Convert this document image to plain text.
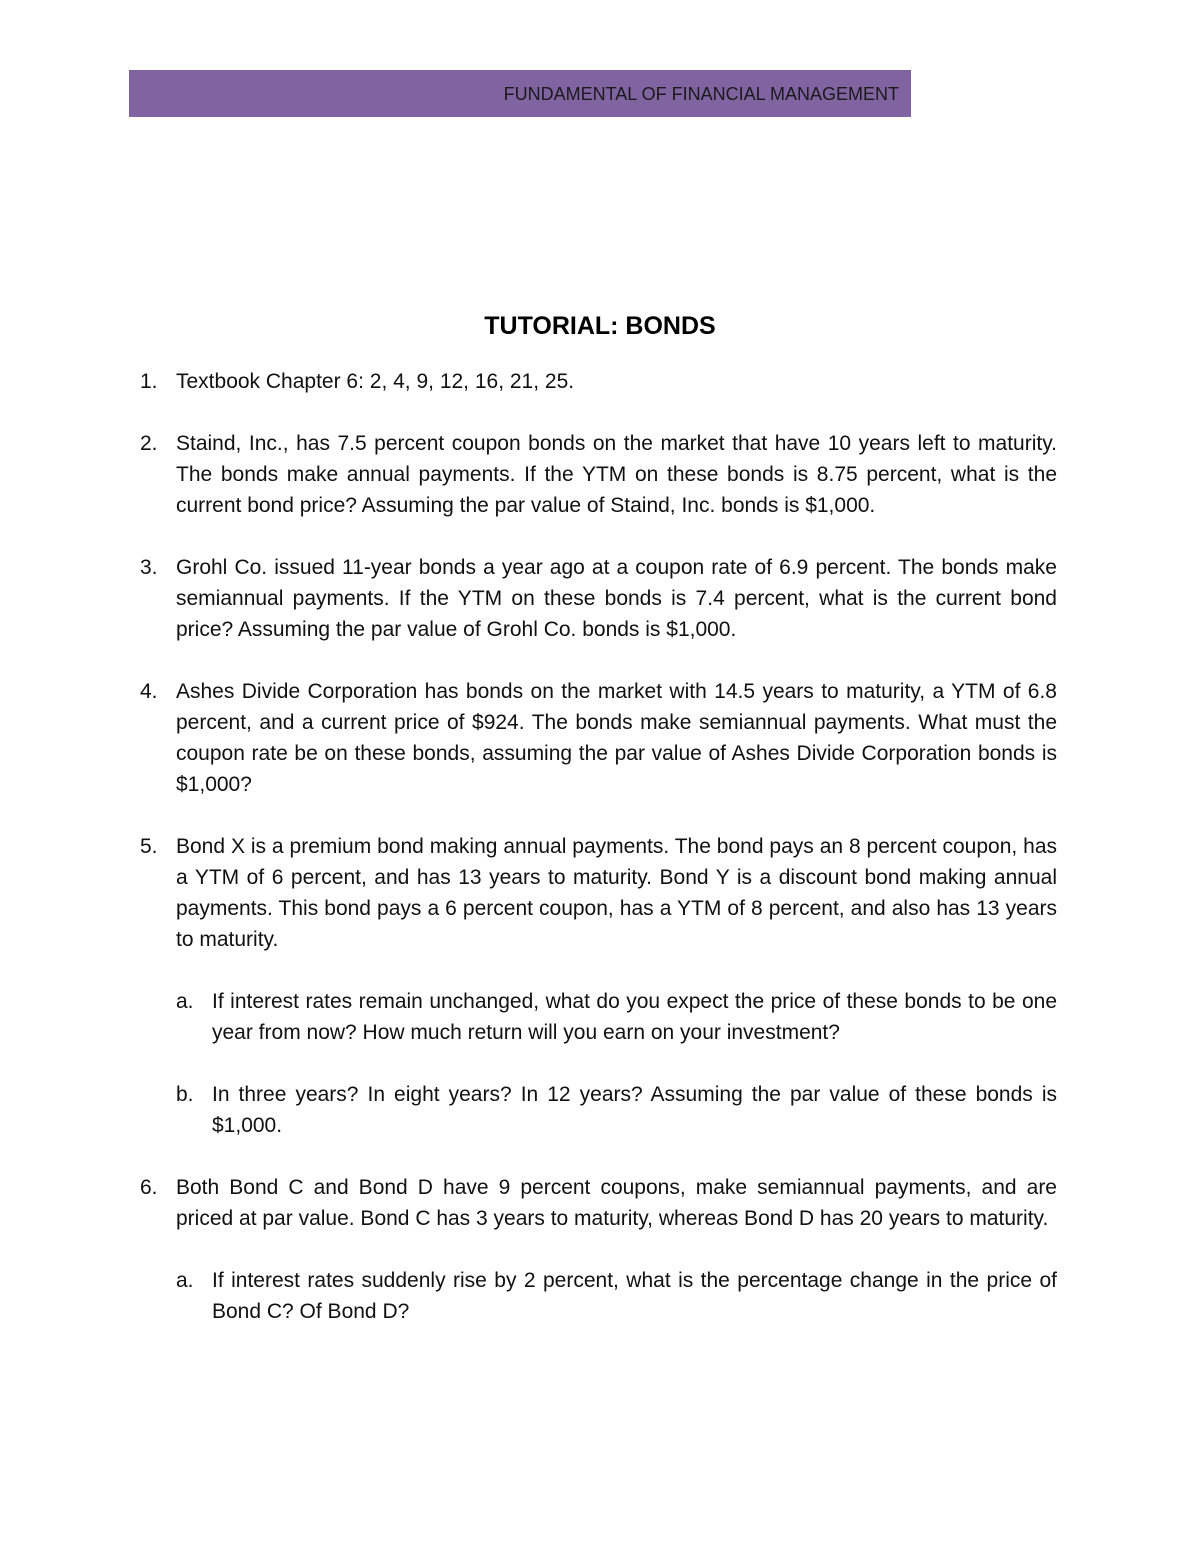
FUNDAMENTAL OF FINANCIAL MANAGEMENT
TUTORIAL: BONDS
1. Textbook Chapter 6: 2, 4, 9, 12, 16, 21, 25.
2. Staind, Inc., has 7.5 percent coupon bonds on the market that have 10 years left to maturity. The bonds make annual payments. If the YTM on these bonds is 8.75 percent, what is the current bond price? Assuming the par value of Staind, Inc. bonds is $1,000.
3. Grohl Co. issued 11-year bonds a year ago at a coupon rate of 6.9 percent. The bonds make semiannual payments. If the YTM on these bonds is 7.4 percent, what is the current bond price? Assuming the par value of Grohl Co. bonds is $1,000.
4. Ashes Divide Corporation has bonds on the market with 14.5 years to maturity, a YTM of 6.8 percent, and a current price of $924. The bonds make semiannual payments. What must the coupon rate be on these bonds, assuming the par value of Ashes Divide Corporation bonds is $1,000?
5. Bond X is a premium bond making annual payments. The bond pays an 8 percent coupon, has a YTM of 6 percent, and has 13 years to maturity. Bond Y is a discount bond making annual payments. This bond pays a 6 percent coupon, has a YTM of 8 percent, and also has 13 years to maturity.
a. If interest rates remain unchanged, what do you expect the price of these bonds to be one year from now? How much return will you earn on your investment?
b. In three years? In eight years? In 12 years? Assuming the par value of these bonds is $1,000.
6. Both Bond C and Bond D have 9 percent coupons, make semiannual payments, and are priced at par value. Bond C has 3 years to maturity, whereas Bond D has 20 years to maturity.
a. If interest rates suddenly rise by 2 percent, what is the percentage change in the price of Bond C? Of Bond D?
